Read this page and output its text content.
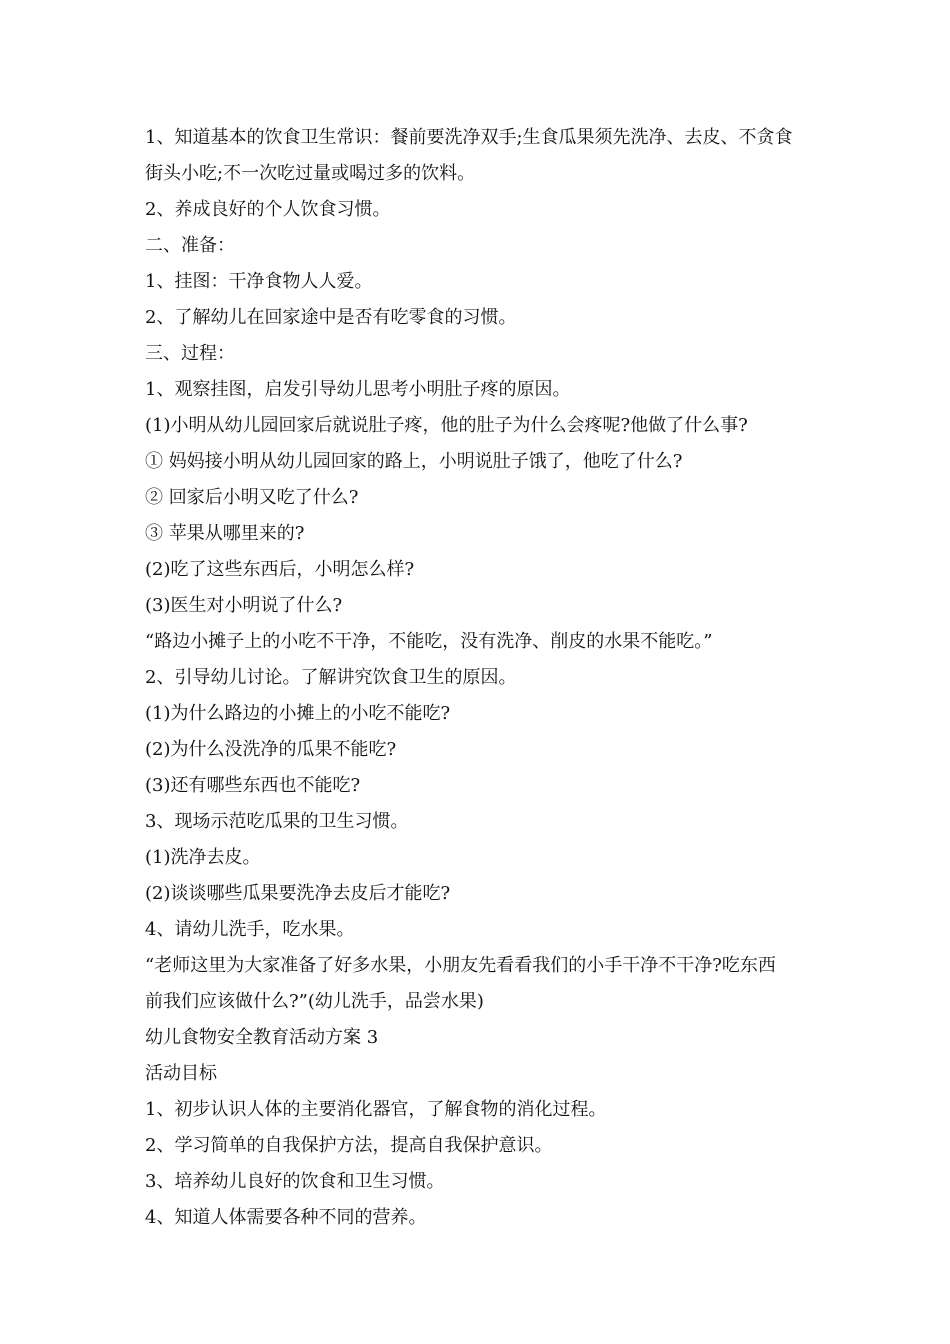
1、知道基本的饮食卫生常识：餐前要洗净双手;生食瓜果须先洗净、去皮、不贪食
街头小吃;不一次吃过量或喝过多的饮料。
2、养成良好的个人饮食习惯。
二、准备：
1、挂图：干净食物人人爱。
2、了解幼儿在回家途中是否有吃零食的习惯。
三、过程：
1、观察挂图，启发引导幼儿思考小明肚子疼的原因。
(1)小明从幼儿园回家后就说肚子疼，他的肚子为什么会疼呢?他做了什么事?
① 妈妈接小明从幼儿园回家的路上，小明说肚子饿了，他吃了什么?
② 回家后小明又吃了什么?
③ 苹果从哪里来的?
(2)吃了这些东西后，小明怎么样?
(3)医生对小明说了什么?
“路边小摊子上的小吃不干净，不能吃，没有洗净、削皮的水果不能吃。”
2、引导幼儿讨论。了解讲究饮食卫生的原因。
(1)为什么路边的小摊上的小吃不能吃?
(2)为什么没洗净的瓜果不能吃?
(3)还有哪些东西也不能吃?
3、现场示范吃瓜果的卫生习惯。
(1)洗净去皮。
(2)谈谈哪些瓜果要洗净去皮后才能吃?
4、请幼儿洗手，吃水果。
“老师这里为大家准备了好多水果，小朋友先看看我们的小手干净不干净?吃东西
前我们应该做什么?”(幼儿洗手，品尝水果)
幼儿食物安全教育活动方案 3
活动目标
1、初步认识人体的主要消化器官，了解食物的消化过程。
2、学习简单的自我保护方法，提高自我保护意识。
3、培养幼儿良好的饮食和卫生习惯。
4、知道人体需要各种不同的营养。
